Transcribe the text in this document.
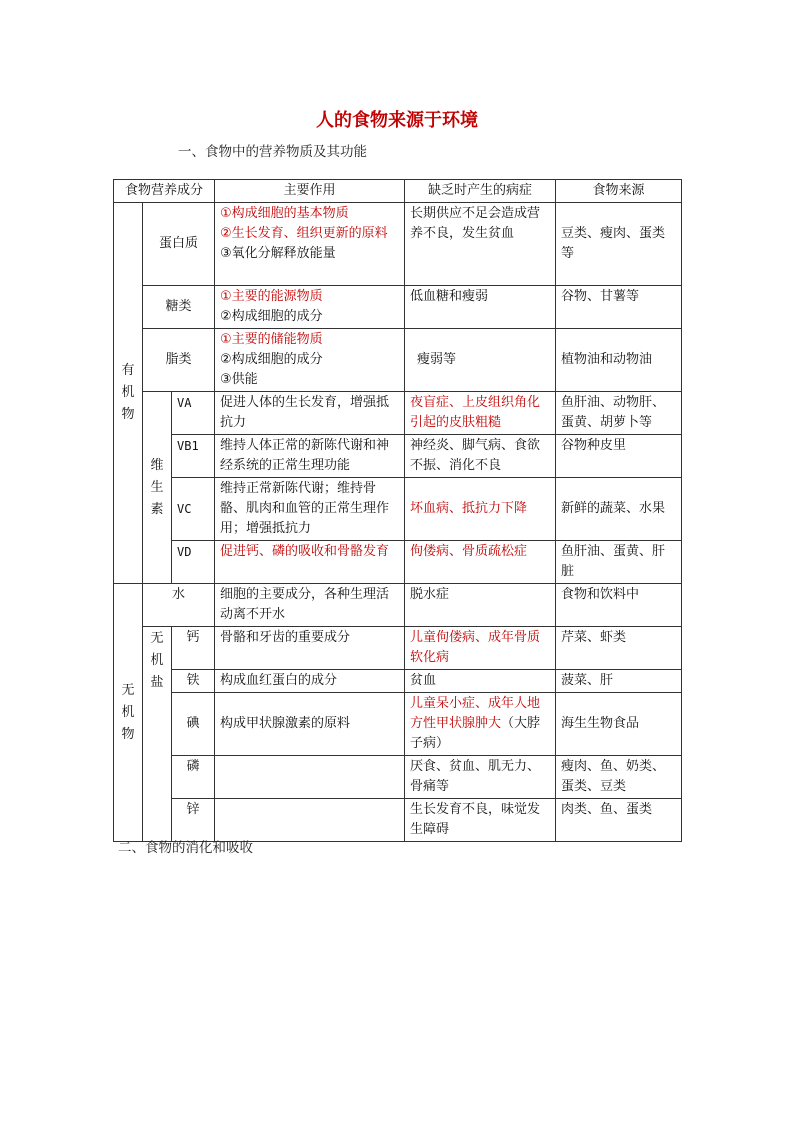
人的食物来源于环境
一、食物中的营养物质及其功能
食物营养成分			主要作用	缺乏时产生的病症	食物来源
有机物	蛋白质		①构成细胞的基本物质
②生长发育、组织更新的原料
③氧化分解释放能量	长期供应不足会造成营养不良，发生贫血	豆类、瘦肉、蛋类等
	糖类		①主要的能源物质
②构成细胞的成分	低血糖和瘦弱	谷物、甘薯等
	脂类		①主要的储能物质
②构成细胞的成分
③供能	瘦弱等	植物油和动物油
	维生素	VA	促进人体的生长发育，增强抵抗力	夜盲症、上皮组织角化引起的皮肤粗糙	鱼肝油、动物肝、蛋黄、胡萝卜等
		VB1	维持人体正常的新陈代谢和神经系统的正常生理功能	神经炎、脚气病、食欲不振、消化不良	谷物种皮里
		VC	维持正常新陈代谢；维持骨骼、肌肉和血管的正常生理作用；增强抵抗力	坏血病、抵抗力下降	新鲜的蔬菜、水果
		VD	促进钙、磷的吸收和骨骼发育	佝偻病、骨质疏松症	鱼肝油、蛋黄、肝脏
无机物	水		细胞的主要成分，各种生理活动离不开水	脱水症	食物和饮料中
	无机盐	钙	骨骼和牙齿的重要成分	儿童佝偻病、成年骨质软化病	芹菜、虾类
		铁	构成血红蛋白的成分	贫血	菠菜、肝
		碘	构成甲状腺激素的原料	儿童呆小症、成年人地方性甲状腺肿大（大脖子病）	海生生物食品
		磷		厌食、贫血、肌无力、骨痛等	瘦肉、鱼、奶类、蛋类、豆类
		锌		生长发育不良，味觉发生障碍	肉类、鱼、蛋类
二、食物的消化和吸收
